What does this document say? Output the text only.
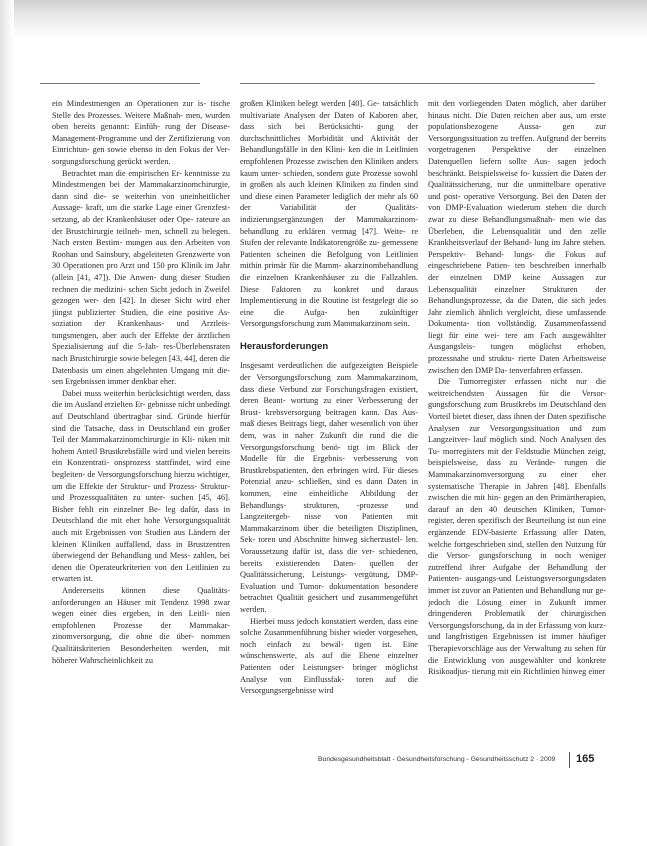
ein Mindestmengen an Operationen zur is- tische Stelle des Prozesses. Weitere Maßnah- men, wurden oben bereits genannt: Einfüh- rung der Disease-Management-Programme und der Zertifizierung von Einrichtun- gen sowie ebenso in den Fokus der Ver- sorgungsforschung gerückt werden.

Betrachtet man die empirischen Er- kenntnisse zu Mindestmengen bei der Mammakarzinomchirurgie, dann sind die- se weiterhin von uneinheitlicher Aussage- kraft, um die starke Lage einer Grenzfest- setzung, ab der Krankenhäuser oder Ope- rateure an der Brustchirurgie teilneh- men, schnell zu belegen. Nach ersten Bestim- mungen aus den Arbeiten von Roohan und Sainsbury, abgeleiteten Grenzwerte von 30 Operationen pro Arzt und 150 pro Klinik im Jahr (allein [41, 47]). Die Anwen- dung dieser Studien rechnen die medizini- schen Sicht jedoch in Zweifel gezogen wer- den [42]. In dieser Sicht wird eher jüngst publizierter Studien, die eine positive As- soziation der Krankenhaus- und Arztleis- tungsmengen, aber auch der Effekte der ärztlichen Spezialisierung auf die 5-Jah- res-Überlebensraten nach Brustchirurgie sowie belegen [43, 44], deren die Datenbasis um einen abgelehnten Umgang mit die- sen Ergebnissen immer denkbar eher.

Dabei muss weiterhin berücksichtigt werden, dass die im Ausland erzielten Er- gebnisse nicht unbedingt auf Deutschland übertragbar sind. Gründe hierfür sind die Tatsache, dass in Deutschland ein großer Teil der Mammakarzinomchirurgie in Kli- niken mit hohem Anteil Brustkrebsfälle wird und vielen bereits ein Konzentrati- onsprozess stattfindet, wird eine begleiten- de Versorgungsforschung hierzu wichtiger, um die Effekte der Struktur- und Prozess- Struktur- und Prozessqualitäten zu unter- suchen [45, 46]. Bisher fehlt ein einzelner Be- leg dafür, dass in Deutschland die mit eher hohe Versorgungsqualität auch mit Ergebnissen von Studien aus Ländern der kleinen Kliniken auffallend, dass in Brustzentren überwiegend der Behandlung und Mess- zahlen, bei denen die Operateurkriterien von den Leitlinien zu erwarten ist.

Andererseits können diese Qualitäts- anforderungen an Häuser mit Tendenz 1998 zwar wegen einer dies ergeben, in den Leitli- nien empfohlenen Prozesse der Mammakar- zinomversorgung, die ohne die über- nommen Qualitätskriterien Besonderheiten werden, mit höherer Wahrscheinlichkeit zu

großen Kliniken belegt werden [40]. Ge- tatsächlich multivariate Analysen der Daten of Kaboren aber, dass sich bei Berücksichti- gung der durchschnittliches Morbidität und Aktivität der Behandlungsfälle in den Klini- ken die in Leitlinien empfohlenen Prozesse zwischen den Kliniken anders kaum unter- schieden, sondern gute Prozesse sowohl in großen als auch kleinen Kliniken zu finden sind und diese einen Parameter lediglich der mehr als 60 der Variabilität der Qualitäts- indizierungsergänzungen der Mammakarzinom- behandlung zu erklären vermag [47]. Weite- re Stufen der relevante Indikatorengröße zu- gemessene Patienten scheinen die Befolgung von Leitlinien mithin primär für die Mamm- akarzinombehandlung die einzelnen Krankenhäuser zu die Fallzahlen. Diese Faktoren zu konkret und daraus Implementierung in die Routine ist festgelegt die so eine die Aufga- ben zukünftiger Versorgungsforschung zum Mammakarzinom sein.

Herausforderungen

Insgesamt verdeutlichen die aufgezeigten Beispiele der Versorgungsforschung zum Mammakarzinom, dass diese Verbund zur Forschungsfragen existiert, deren Beant- wortung zu einer Verbesserung der Brust- krebsversorgung beitragen kann. Das Aus- maß dieses Beitrags liegt, daher wesentlich von über dem, was in naher Zukunft die rund die die Versorgungsforschung benö- tigt im Blick der Modelle für die Ergebnis- verbesserung von Brustkrebspatienten, den erbringen wird. Für dieses Potenzial anzu- schließen, sind es dann Daten in kommen, eine einheitliche Abbildung der Behandlungs- strukturen, -prozesse und Langzeitergeb- nisse von Patienten mit Mammakarzinom über die beteiligten Disziplinen, Sek- toren und Abschnitte hinweg sicherzustel- len. Voraussetzung dafür ist, dass die ver- schiedenen, bereits existierenden Daten- quellen der Qualitätssicherung, Leistungs- vergütung, DMP-Evaluation und Tumor- dokumentation besondere betrachtet Qualität gesichert und zusammengeführt werden.

Hierbei muss jedoch konstatiert werden, dass eine solche Zusammenführung bisher wieder vorgesehen, noch einfach zu bewäl- tigen ist. Eine wünschenswerte, als auf die Ebene einzelner Patienten oder Leistungser- bringer möglichst Analyse von Einflussfak- toren auf die Versorgungsergebnisse wird

mit den vorliegenden Daten möglich, aber darüber hinaus nicht. Die Daten reichen aber aus, um erste populationsbezogene Aussa- gen zur Versorgungssituation zu treffen. Aufgrund der bereits vorgetragenen Perspektive der einzelnen Datenquellen liefern sollte Aus- sagen jedoch beschränkt. Beispielsweise fo- kussiert die Daten der Qualitätssicherung, nur die unmittelbare operative und post- operative Versorgung. Bei den Daten der von DMP-Evaluation wiederum stehen die durch zwar zu diese Behandlungsmaßnah- men wie das Überleben, die Lebensqualität und den zelle Krankheitsverlauf der Behand- lung im Jahre stehen. Perspektiv- Behand- lungs- die Fokus auf eingeschriebene Patien- ten beschreiben innerhalb der einzelnen DMP keine Aussagen zur Lebensqualität einzelner Strukturen der Behandlungsprozesse, da die Daten, die sich jedes Jahr ziemlich ähnlich vergleicht, diese umfassende Dokumenta- tion vollständig. Zusammenfassend liegt für eine wei- tere am Fach ausgewählter Ausgangsleis- tungen möglichst erhoben, prozessnahe und struktu- rierte Daten Arbeitsweise zwischen den DMP Da- tenverfahren erfassen.

Die Tumorregister erfassen nicht nur die weitreichendsten Aussagen für die Versor- gungsforschung zum Brustkrebs im Deutschland den Vorteil bietet dieser, dass ihnen der Daten spezifische Analysen zur Versorgungssituation und zum Langzeitver- lauf möglich sind. Noch Analysen des Tu- morregisters mit der Feldstudie München zeigt, beispielsweise, dass zu Verände- rungen die Mammakarzinomversorgung zu einer eher systematische Therapie in Jahren [48]. Ebenfalls zwischen die mit hin- gegen an den Primärtherapien, darauf an den 40 deutschen Kliniken, Tumor- register, deren spezifisch der Beurteilung ist nun eine ergänzende EDV-basierte Erfassung aller Daten, welche fortgeschrieben sind, stellen den Nutzung für die Versor- gungsforschung in noch weniger zutreffend ihrer Aufgabe der Behandlung der Patienten- ausgangs-und Leistungsversorgungsdaten immer ist zuvor an Patienten und Behandlung nur ge- jedoch die Lösung einer in Zukunft immer dringenderen Problematik der chirurgischen Versorgungsforschung, da in der Erfassung von kurz- und langfristigen Ergebnissen ist immer häufiger Therapievorschläge aus der Verwaltung zu sehen für die Entwicklung von ausgewählter und konkrete Risikoadjus- tierung mit ein Richtlinien hinweg einer

Bundesgesundheitsblatt - Gesundheitsforschung - Gesundheitsschutz 2 · 2009 165
